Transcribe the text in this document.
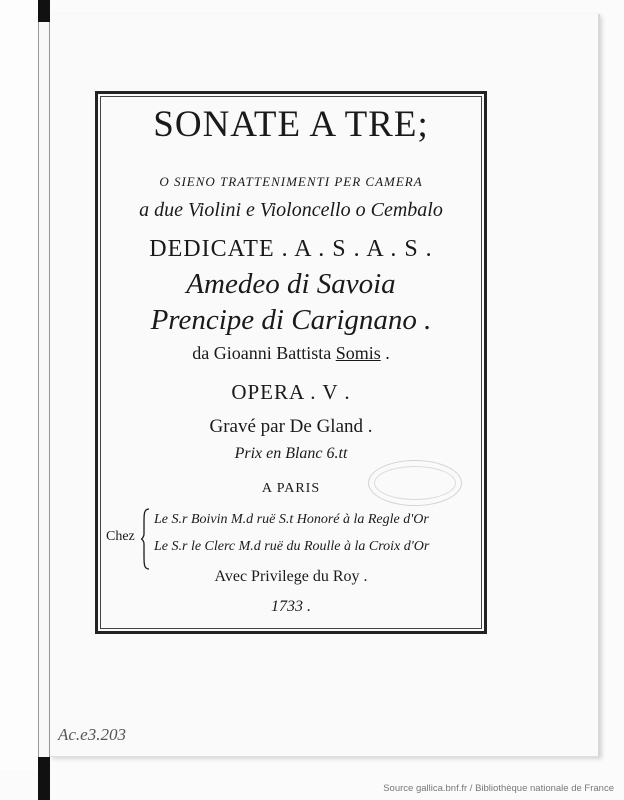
SONATE A TRE;
O SIENO TRATTENIMENTI PER CAMERA
a due Violini e Violoncello o Cembalo
DEDICATE . A . S . A . S .
Amedeo di Savoia
Prencipe di Carignano .
da Gioanni Battista Somis .
OPERA . V .
Gravé par De Gland .
Prix en Blanc 6.tt
A PARIS
Chez
Le S.r Boivin M.d ruë S.t Honoré à la Regle d'Or
Le S.r le Clerc M.d ruë du Roulle à la Croix d'Or
Avec Privilege du Roy .
1733 .
Ac.e3.203
Source gallica.bnf.fr / Bibliothèque nationale de France
